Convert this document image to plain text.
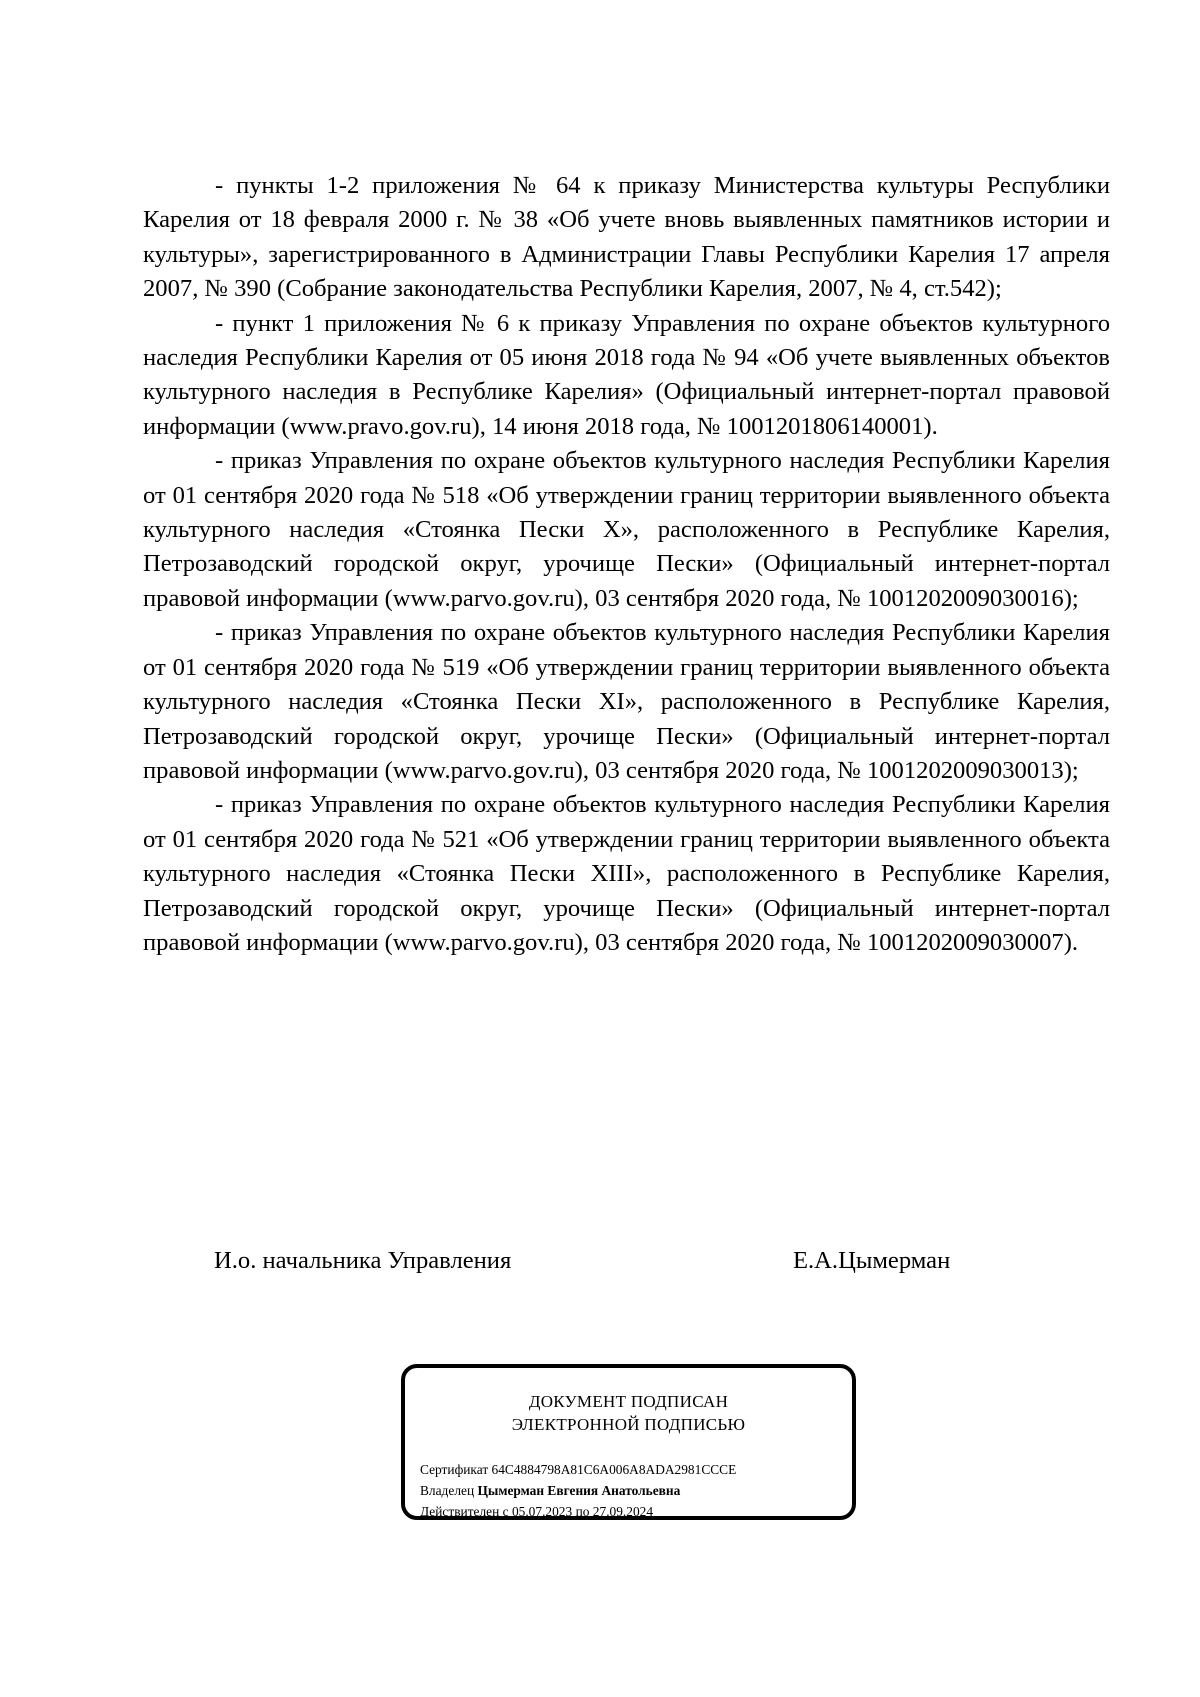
- пункты 1-2 приложения № 64 к приказу Министерства культуры Республики Карелия от 18 февраля 2000 г. № 38 «Об учете вновь выявленных памятников истории и культуры», зарегистрированного в Администрации Главы Республики Карелия 17 апреля 2007, № 390 (Собрание законодательства Республики Карелия, 2007, № 4, ст.542);

- пункт 1 приложения № 6 к приказу Управления по охране объектов культурного наследия Республики Карелия от 05 июня 2018 года № 94 «Об учете выявленных объектов культурного наследия в Республике Карелия» (Официальный интернет-портал правовой информации (www.pravo.gov.ru), 14 июня 2018 года, № 1001201806140001).

- приказ Управления по охране объектов культурного наследия Республики Карелия от 01 сентября 2020 года № 518 «Об утверждении границ территории выявленного объекта культурного наследия «Стоянка Пески X», расположенного в Республике Карелия, Петрозаводский городской округ, урочище Пески» (Официальный интернет-портал правовой информации (www.parvo.gov.ru), 03 сентября 2020 года, № 1001202009030016);

- приказ Управления по охране объектов культурного наследия Республики Карелия от 01 сентября 2020 года № 519 «Об утверждении границ территории выявленного объекта культурного наследия «Стоянка Пески XI», расположенного в Республике Карелия, Петрозаводский городской округ, урочище Пески» (Официальный интернет-портал правовой информации (www.parvo.gov.ru), 03 сентября 2020 года, № 1001202009030013);

- приказ Управления по охране объектов культурного наследия Республики Карелия от 01 сентября 2020 года № 521 «Об утверждении границ территории выявленного объекта культурного наследия «Стоянка Пески XIII», расположенного в Республике Карелия, Петрозаводский городской округ, урочище Пески» (Официальный интернет-портал правовой информации (www.parvo.gov.ru), 03 сентября 2020 года, № 1001202009030007).

И.о. начальника Управления	Е.А.Цымерман
ДОКУМЕНТ ПОДПИСАН
ЭЛЕКТРОННОЙ ПОДПИСЬЮ
Сертификат 64C4884798A81C6A006A8ADA2981CCCE
Владелец Цымерман Евгения Анатольевна
Действителен с 05.07.2023 по 27.09.2024
